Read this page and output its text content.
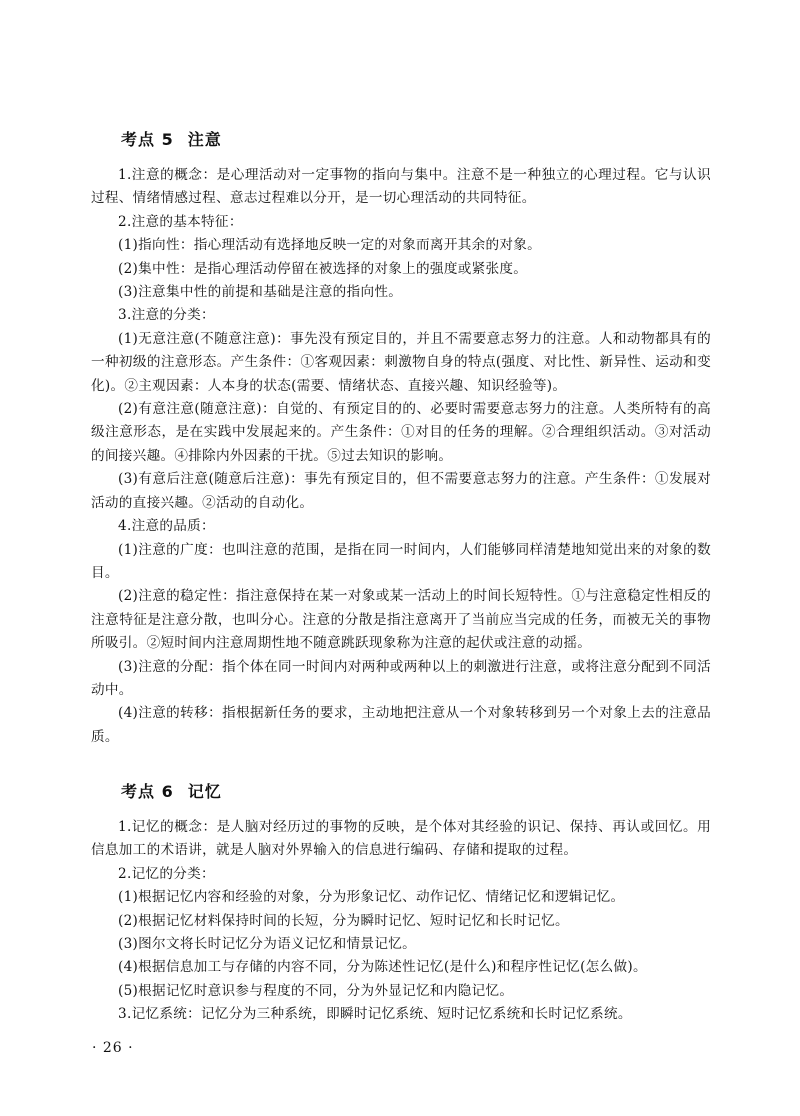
考点 5 注意

1.注意的概念：是心理活动对一定事物的指向与集中。注意不是一种独立的心理过程。它与认识过程、情绪情感过程、意志过程难以分开，是一切心理活动的共同特征。

2.注意的基本特征：

(1)指向性：指心理活动有选择地反映一定的对象而离开其余的对象。

(2)集中性：是指心理活动停留在被选择的对象上的强度或紧张度。

(3)注意集中性的前提和基础是注意的指向性。

3.注意的分类：

(1)无意注意(不随意注意)：事先没有预定目的，并且不需要意志努力的注意。人和动物都具有的一种初级的注意形态。产生条件：①客观因素：刺激物自身的特点(强度、对比性、新异性、运动和变化)。②主观因素：人本身的状态(需要、情绪状态、直接兴趣、知识经验等)。

(2)有意注意(随意注意)：自觉的、有预定目的的、必要时需要意志努力的注意。人类所特有的高级注意形态，是在实践中发展起来的。产生条件：①对目的任务的理解。②合理组织活动。③对活动的间接兴趣。④排除内外因素的干扰。⑤过去知识的影响。

(3)有意后注意(随意后注意)：事先有预定目的，但不需要意志努力的注意。产生条件：①发展对活动的直接兴趣。②活动的自动化。

4.注意的品质：

(1)注意的广度：也叫注意的范围，是指在同一时间内，人们能够同样清楚地知觉出来的对象的数目。

(2)注意的稳定性：指注意保持在某一对象或某一活动上的时间长短特性。①与注意稳定性相反的注意特征是注意分散，也叫分心。注意的分散是指注意离开了当前应当完成的任务，而被无关的事物所吸引。②短时间内注意周期性地不随意跳跃现象称为注意的起伏或注意的动摇。

(3)注意的分配：指个体在同一时间内对两种或两种以上的刺激进行注意，或将注意分配到不同活动中。

(4)注意的转移：指根据新任务的要求，主动地把注意从一个对象转移到另一个对象上去的注意品质。

考点 6 记忆

1.记忆的概念：是人脑对经历过的事物的反映，是个体对其经验的识记、保持、再认或回忆。用信息加工的术语讲，就是人脑对外界输入的信息进行编码、存储和提取的过程。

2.记忆的分类：

(1)根据记忆内容和经验的对象，分为形象记忆、动作记忆、情绪记忆和逻辑记忆。

(2)根据记忆材料保持时间的长短，分为瞬时记忆、短时记忆和长时记忆。

(3)图尔文将长时记忆分为语义记忆和情景记忆。

(4)根据信息加工与存储的内容不同，分为陈述性记忆(是什么)和程序性记忆(怎么做)。

(5)根据记忆时意识参与程度的不同，分为外显记忆和内隐记忆。

3.记忆系统：记忆分为三种系统，即瞬时记忆系统、短时记忆系统和长时记忆系统。

· 26 ·
